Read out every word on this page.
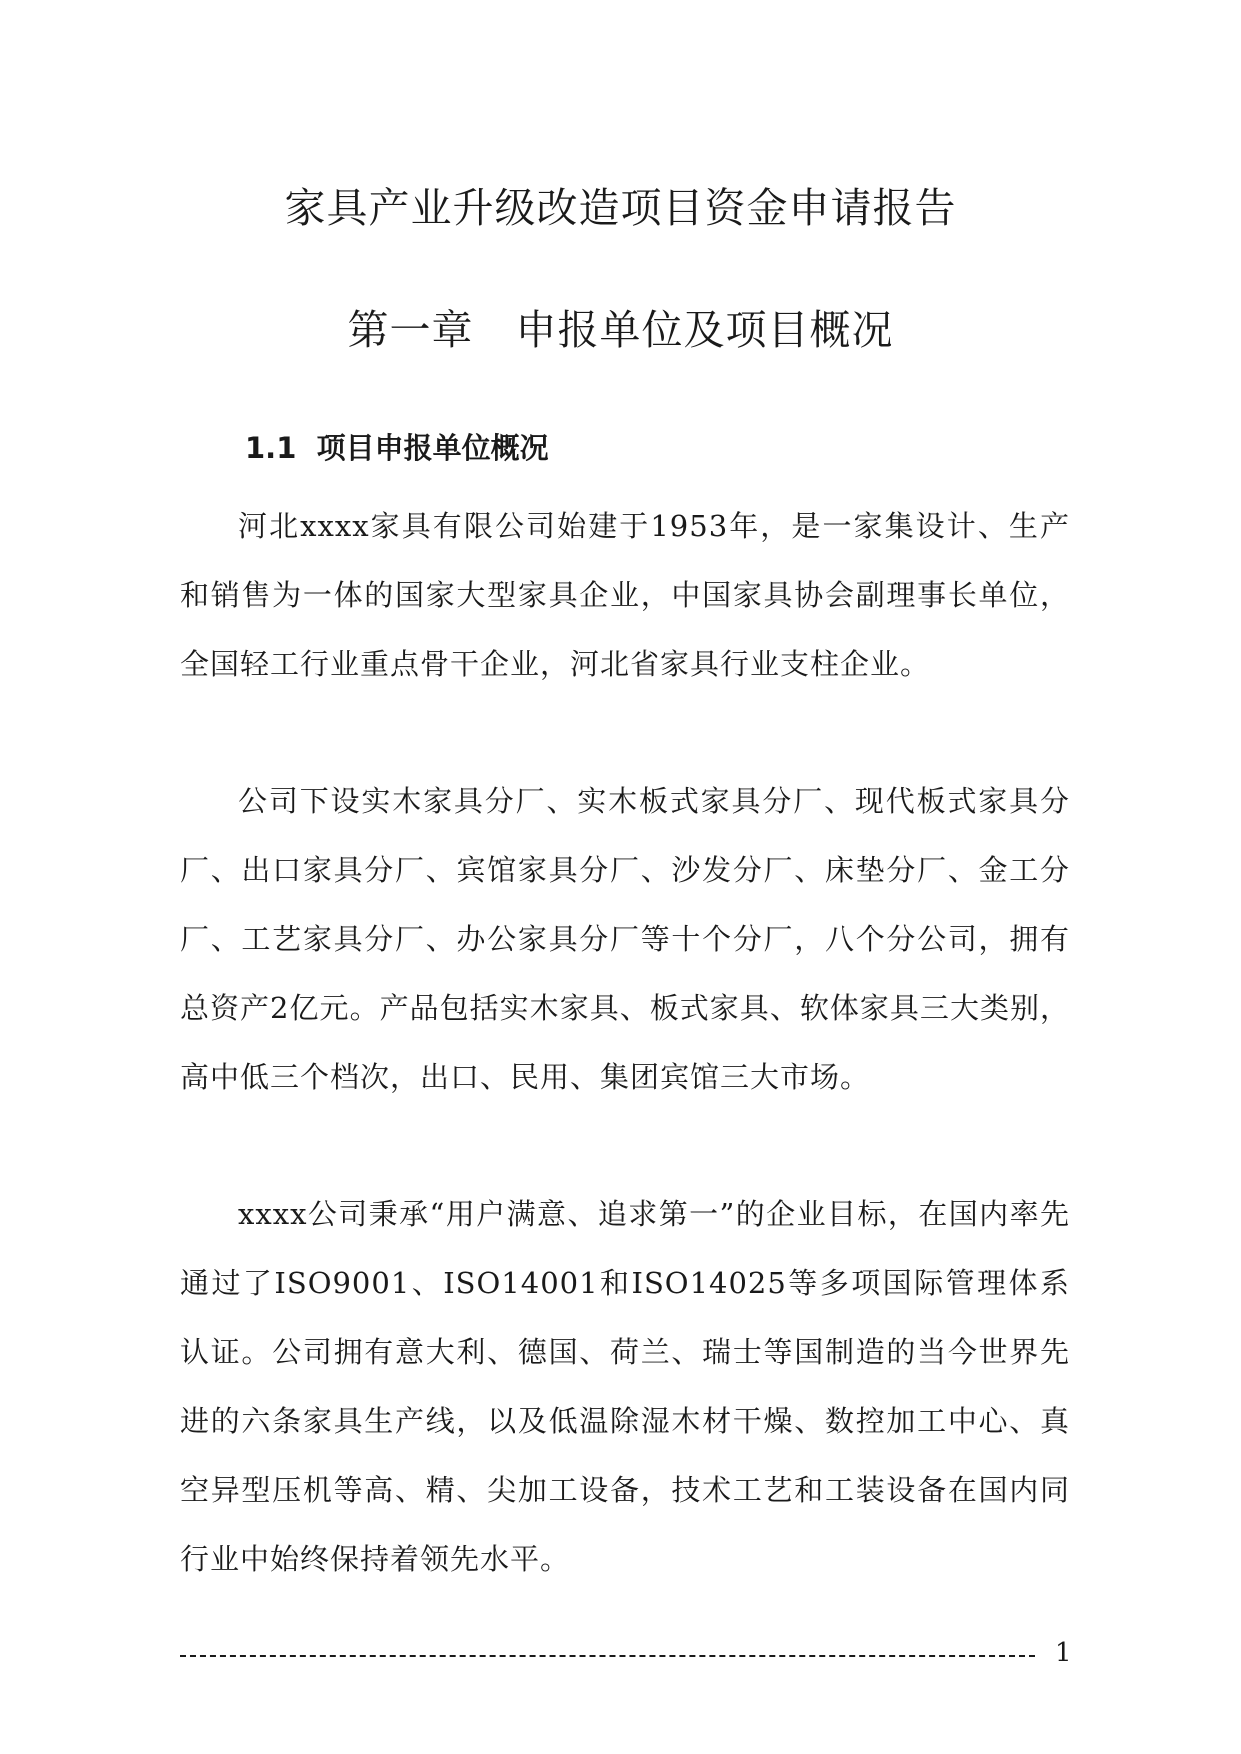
家具产业升级改造项目资金申请报告
第一章　申报单位及项目概况
1.1  项目申报单位概况

河北xxxx家具有限公司始建于1953年，是一家集设计、生产和销售为一体的国家大型家具企业，中国家具协会副理事长单位，全国轻工行业重点骨干企业，河北省家具行业支柱企业。

公司下设实木家具分厂、实木板式家具分厂、现代板式家具分厂、出口家具分厂、宾馆家具分厂、沙发分厂、床垫分厂、金工分厂、工艺家具分厂、办公家具分厂等十个分厂，八个分公司，拥有总资产2亿元。产品包括实木家具、板式家具、软体家具三大类别，高中低三个档次，出口、民用、集团宾馆三大市场。

xxxx公司秉承“用户满意、追求第一”的企业目标，在国内率先通过了ISO9001、ISO14001和ISO14025等多项国际管理体系认证。公司拥有意大利、德国、荷兰、瑞士等国制造的当今世界先进的六条家具生产线，以及低温除湿木材干燥、数控加工中心、真空异型压机等高、精、尖加工设备，技术工艺和工装设备在国内同行业中始终保持着领先水平。

1
